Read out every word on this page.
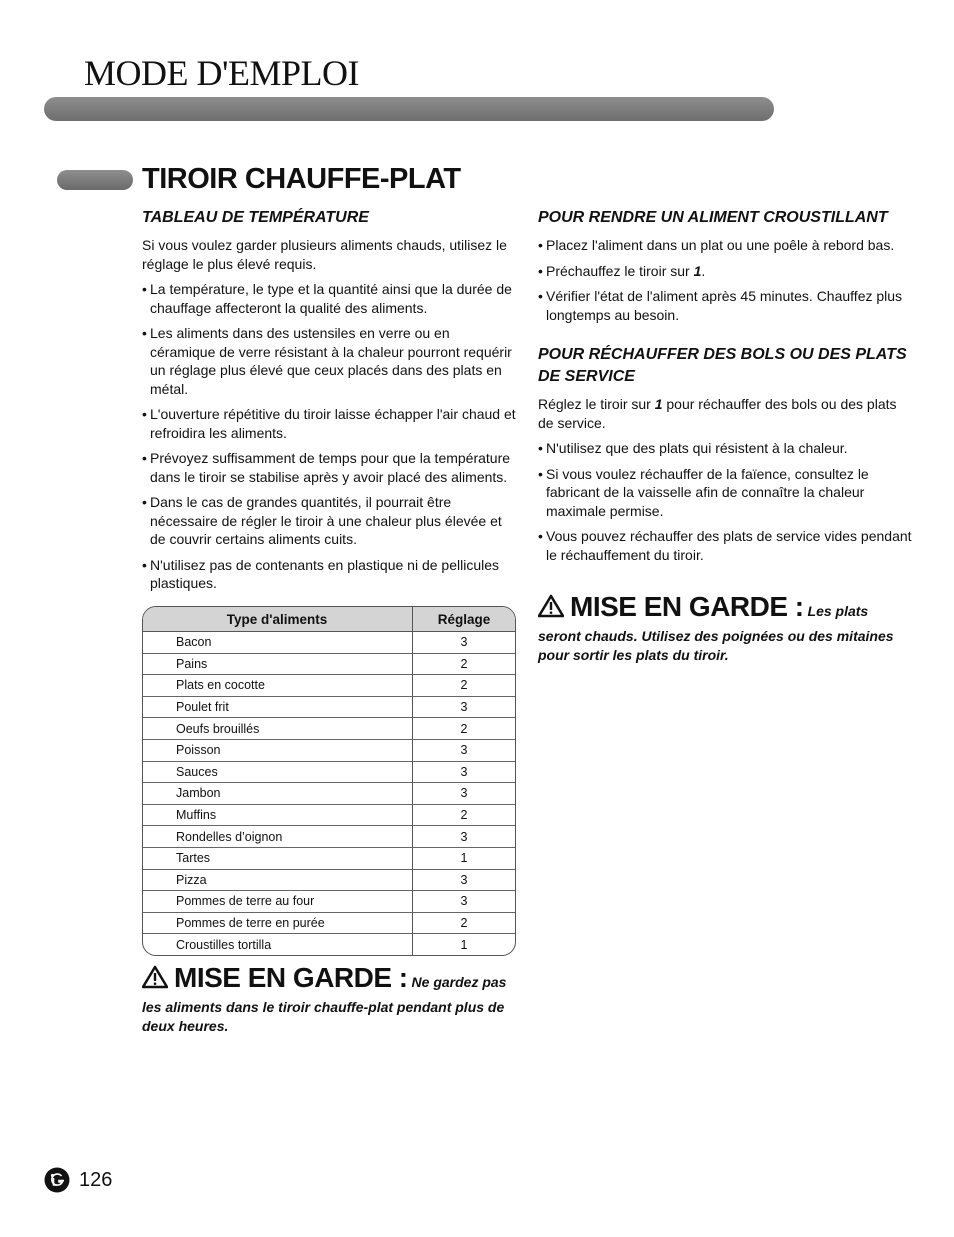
MODE D'EMPLOI
TIROIR CHAUFFE-PLAT
TABLEAU DE TEMPÉRATURE
Si vous voulez garder plusieurs aliments chauds, utilisez le réglage le plus élevé requis.
• La température, le type et la quantité ainsi que la durée de chauffage affecteront la qualité des aliments.
• Les aliments dans des ustensiles en verre ou en céramique de verre résistant à la chaleur pourront requérir un réglage plus élevé que ceux placés dans des plats en métal.
• L'ouverture répétitive du tiroir laisse échapper l'air chaud et refroidira les aliments.
• Prévoyez suffisamment de temps pour que la température dans le tiroir se stabilise après y avoir placé des aliments.
• Dans le cas de grandes quantités, il pourrait être nécessaire de régler le tiroir à une chaleur plus élevée et de couvrir certains aliments cuits.
• N'utilisez pas de contenants en plastique ni de pellicules plastiques.
Type d'aliments	Réglage
Bacon	3
Pains	2
Plats en cocotte	2
Poulet frit	3
Oeufs brouillés	2
Poisson	3
Sauces	3
Jambon	3
Muffins	2
Rondelles d’oignon	3
Tartes	1
Pizza	3
Pommes de terre au four	3
Pommes de terre en purée	2
Croustilles tortilla	1
MISE EN GARDE : Ne gardez pas
les aliments dans le tiroir chauffe-plat pendant plus de deux heures.
POUR RENDRE UN ALIMENT CROUSTILLANT
• Placez l'aliment dans un plat ou une poêle à rebord bas.
• Préchauffez le tiroir sur 1.
• Vérifier l'état de l'aliment après 45 minutes. Chauffez plus longtemps au besoin.
POUR RÉCHAUFFER DES BOLS OU DES PLATS DE SERVICE
Réglez le tiroir sur 1 pour réchauffer des bols ou des plats de service.
• N'utilisez que des plats qui résistent à la chaleur.
• Si vous voulez réchauffer de la faïence, consultez le fabricant de la vaisselle afin de connaître la chaleur maximale permise.
• Vous pouvez réchauffer des plats de service vides pendant le réchauffement du tiroir.
MISE EN GARDE : Les plats
seront chauds. Utilisez des poignées ou des mitaines pour sortir les plats du tiroir.
126
